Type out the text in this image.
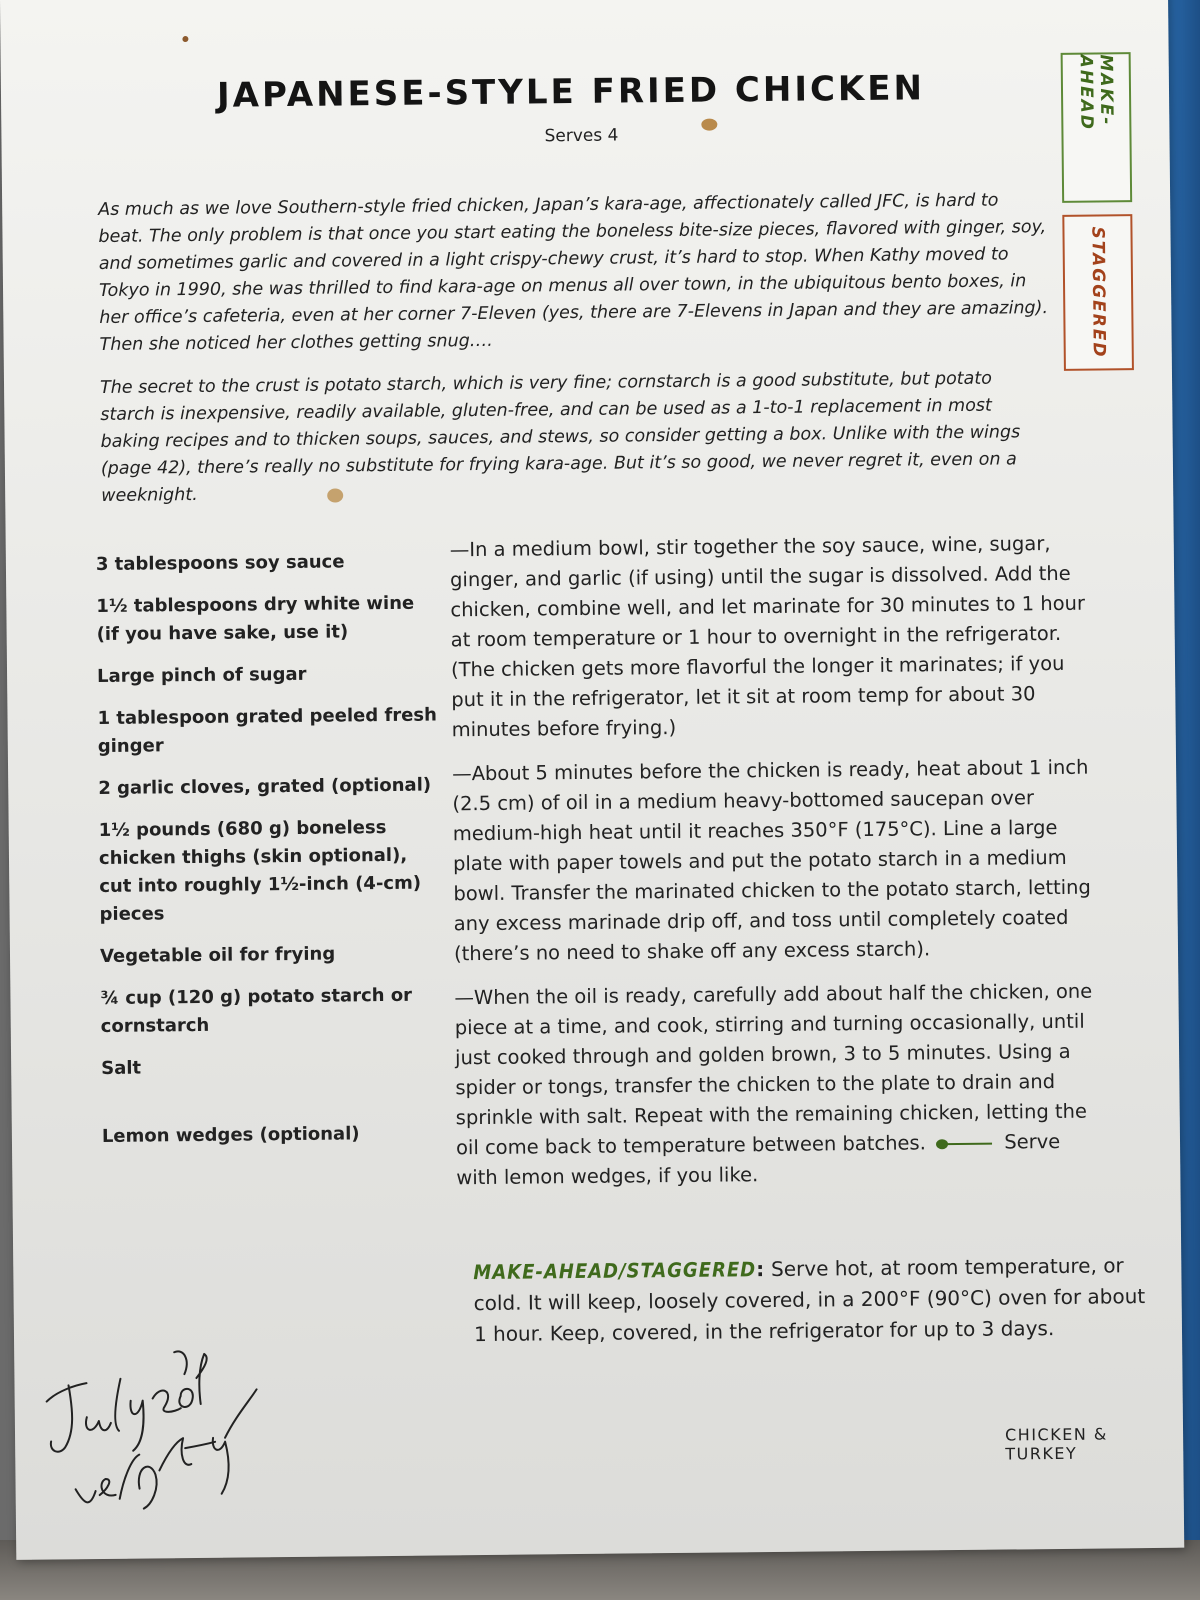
JAPANESE-STYLE FRIED CHICKEN
Serves 4

As much as we love Southern-style fried chicken, Japan’s kara-age, affectionately called JFC, is hard to beat. The only problem is that once you start eating the boneless bite-size pieces, flavored with ginger, soy, and sometimes garlic and covered in a light crispy-chewy crust, it’s hard to stop. When Kathy moved to Tokyo in 1990, she was thrilled to find kara-age on menus all over town, in the ubiquitous bento boxes, in her office’s cafeteria, even at her corner 7-Eleven (yes, there are 7-Elevens in Japan and they are amazing). Then she noticed her clothes getting snug….

The secret to the crust is potato starch, which is very fine; cornstarch is a good substitute, but potato starch is inexpensive, readily available, gluten-free, and can be used as a 1-to-1 replacement in most baking recipes and to thicken soups, sauces, and stews, so consider getting a box. Unlike with the wings (page 42), there’s really no substitute for frying kara-age. But it’s so good, we never regret it, even on a weeknight.

3 tablespoons soy sauce
1½ tablespoons dry white wine (if you have sake, use it)
Large pinch of sugar
1 tablespoon grated peeled fresh ginger
2 garlic cloves, grated (optional)
1½ pounds (680 g) boneless chicken thighs (skin optional), cut into roughly 1½-inch (4-cm) pieces
Vegetable oil for frying
¾ cup (120 g) potato starch or cornstarch
Salt
Lemon wedges (optional)

—In a medium bowl, stir together the soy sauce, wine, sugar, ginger, and garlic (if using) until the sugar is dissolved. Add the chicken, combine well, and let marinate for 30 minutes to 1 hour at room temperature or 1 hour to overnight in the refrigerator. (The chicken gets more flavorful the longer it marinates; if you put it in the refrigerator, let it sit at room temp for about 30 minutes before frying.)

—About 5 minutes before the chicken is ready, heat about 1 inch (2.5 cm) of oil in a medium heavy-bottomed saucepan over medium-high heat until it reaches 350°F (175°C). Line a large plate with paper towels and put the potato starch in a medium bowl. Transfer the marinated chicken to the potato starch, letting any excess marinade drip off, and toss until completely coated (there’s no need to shake off any excess starch).

—When the oil is ready, carefully add about half the chicken, one piece at a time, and cook, stirring and turning occasionally, until just cooked through and golden brown, 3 to 5 minutes. Using a spider or tongs, transfer the chicken to the plate to drain and sprinkle with salt. Repeat with the remaining chicken, letting the oil come back to temperature between batches.	Serve with lemon wedges, if you like.

MAKE-AHEAD/STAGGERED: Serve hot, at room temperature, or cold. It will keep, loosely covered, in a 200°F (90°C) oven for about 1 hour. Keep, covered, in the refrigerator for up to 3 days.
MAKE-AHEAD
STAGGERED
CHICKEN & TURKEY
